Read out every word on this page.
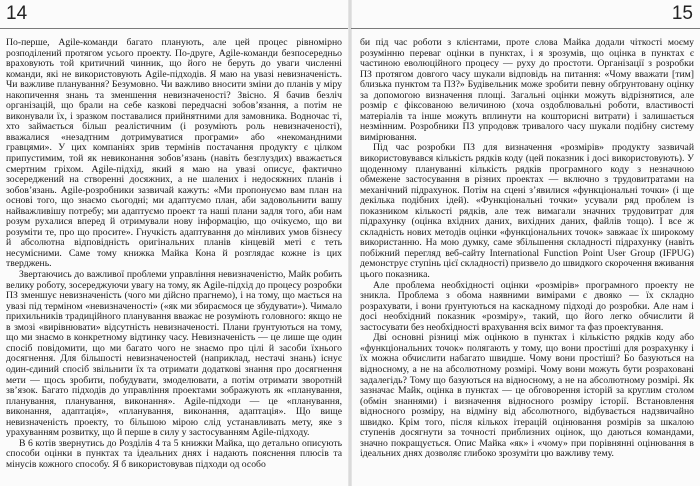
14

По-перше, Agile-команди багато планують, але цей процес рівномірно розподілений протягом усього проекту. По-друге, Agile-команди безпосередньо враховують той критичний чинник, що його не беруть до уваги численні команди, які не використовують Agile-підходів. Я маю на увазі невизначеність. Чи важливе планування? Безумовно. Чи важливо вносити зміни до планів у міру накопичення знань та зменшення невизначеності? Звісно. Я бачив безліч організацій, що брали на себе казкові передчасні зобов’язання, а потім не виконували їх, і зразком поставалися прийнятними для замовника. Водночас ті, хто займається більш реалістичним (і розуміють роль невизначеності), вважалися «незадтним дотримуватися програми» або «некомандними гравцями». У цих компаніях зрив термінів постачання продукту є цілком припустимим, той як невиконання зобов’язань (навіть безглуздих) вважається смертним гріхом. Agile-підхід, який я маю на увазі описує, фактично зосереджений на створенні досяжних, а не шалених і недосяжних планів і зобов’язань. Agile-розробники зазвичай кажуть: «Ми пропонуємо вам план на основі того, що знаємо сьогодні; ми адаптуємо план, аби задовольнити вашу найважливішу потребу; ми адаптуємо проект та наші плани задля того, аби нам розум рухалися вперед й отримували нову інформацію, що очікуємо, що ви розуміти те, про що просите». Гнучкість адаптування до мінливих умов бізнесу й абсолютна відповідність оригінальних планів кінцевій меті є теть несумісними. Саме тому книжка Майка Кона й розглядає кожне із цих тверджень.

Звертаючись до важливої проблеми управління невизначеністю, Майк робить велику роботу, зосереджуючи увагу на тому, як Agile-підхід до процесу розробки ПЗ зменшує невизначеність (чого ми дійсно прагнемо), і на тому, що мається на увазі під терміном «невизначеності» («як ми збираємося це збудувати»). Чималo прихильників традиційного планування вважає не розуміють головного: якщо не в змозі «вирівнювати» відсутність невизначеності. Плани ґрунтуються на тому, що ми знаємо в конкретному відтинку часу. Невизначеність — це лише ще один спосіб повідомити, що ми багато чого не знаємо про цілі й засоби їхнього досягнення. Для більшості невизначеностей (наприклад, нестачі знань) існує один-єдиний спосіб звільнити їх та отримати додаткові знання про досягнення мети — щось зробити, побудувати, змоделювати, а потім отримати зворотній зв’язок. Багато підходів до управління проектами зображують як «планування, планування, планування, виконання». Agile-підходи — це «планування, виконання, адаптація», «планування, виконання, адаптація». Що вище невизначеність проекту, то більшою мірою слід устанавливать мету, яке з урахуванням розвитку, що й перше в силу у застосуванням Agile-підходу.

В 6 котів звернутись до Розділів 4 та 5 книжки Майка, що детально описують способи оцінки в пунктах та ідеальних днях і надають пояснення плюсів та мінусів кожного способу. Я б використовував підходи од особо

15

би під час роботи з клієнтами, проте слова Майка додали чіткості моєму розумінню переваг оцінки в пунктах, і я зрозумів, що оцінка в пунктах є частиною еволюційного процесу — руху до простоти. Організації з розробки ПЗ протягом довгого часу шукали відповідь на питання: «Чому вважати [тим] близька пунктом та ПЗ?» Будівельник може зробити певну обґрунтовану оцінку за допомогою визначення площі. Загальні оцінки можуть відрізнятися, але розмір є фіксованою величиною (хоча оздоблювальні роботи, властивості матеріалів та інше можуть вплинути на кошторисні витрати) і залишається незмінним. Розробники ПЗ упродовж тривалого часу шукали подібну систему вимірювання.

Під час розробки ПЗ для визначення «розмірів» продукту зазвичай використовувався кількість рядків коду (цей показник і досі використовують). У щоденному плануванні кількість рядків програмного коду з незначною обмежене застосування в різних проектах — включно з трудовитратами на механічний підрахунок. Потім на сцені з’явилися «функціональні точки» (і ще декілька подібних ідей). «Функціональні точки» усували ряд проблем із показником кількості рядків, але теж вимагали значних трудовитрат для підрахунку (оцінка вхідних даних, вихідних даних, файлів тощо). І все ж складність нових методів оцінки «функціональних точок» завжаає їх широкому використанню. На мою думку, саме збільшення складності підрахунку (навіть побіжний перегляд веб-сайту International Function Point User Group (IFPUG) демонструє ступінь цієї складності) призвело до швидкого скорочення вживання цього показника.

Але проблема необхідності оцінки «розмірів» програмного проекту не зникла. Проблема з обома наявними вимірами є двояко — їх складно розрахувати, і вони ґрунтуються на каскадному підході до розробки. Але нам і досі необхідний показник «розміру», такий, що його легко обчислити й застосувати без необхідності врахування всіх вимог та фаз проектування.

Дві основні різниці між оцінкою в пунктах і кількістю рядків коду або «функціональних точок» полягають у тому, що вони простіші для розрахунку і їх можна обчислити набагато швидше. Чому вони простіші? Бо базуються на відносному, а не на абсолютному розмірі. Чому вони можуть бути розраховані задалегідь? Тому що базуються на відносному, а не на абсолютному розмірі. Як зазначає Майк, оцінка в пунктах — це обговорення історій за круглим столом (обмін знаннями) і визначення відносного розміру історії. Встановлення відносного розміру, на відміну від абсолютного, відбувається надзвичайно швидко. Крім того, після кількох ітерацій оцінювання розмірів за шкалою ступенів досягнути за точності приблизних оцінок, що даються командами, значно покращується. Опис Майка «як» і «чому» при порівнянні оцінювання в ідеальних днях дозволяє глибоко зрозуміти цю важливу тему.
